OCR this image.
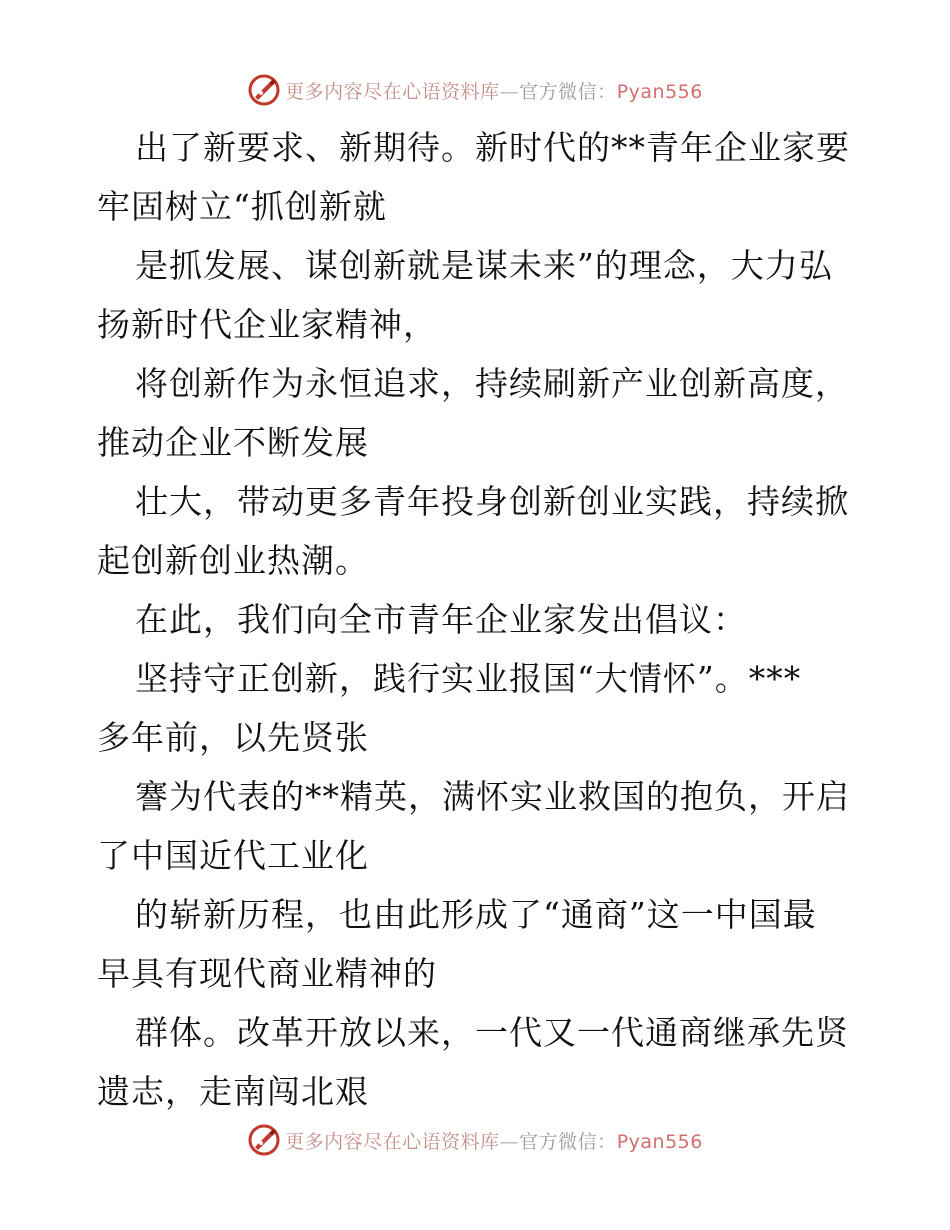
更多内容尽在心语资料库—官方微信：Pyan556
出了新要求、新期待。新时代的**青年企业家要
牢固树立“抓创新就
是抓发展、谋创新就是谋未来”的理念，大力弘
扬新时代企业家精神，
将创新作为永恒追求，持续刷新产业创新高度，
推动企业不断发展
壮大，带动更多青年投身创新创业实践，持续掀
起创新创业热潮。
在此，我们向全市青年企业家发出倡议：
坚持守正创新，践行实业报国“大情怀”。***
多年前，以先贤张
謇为代表的**精英，满怀实业救国的抱负，开启
了中国近代工业化
的崭新历程，也由此形成了“通商”这一中国最
早具有现代商业精神的
群体。改革开放以来，一代又一代通商继承先贤
遗志，走南闯北艰
更多内容尽在心语资料库—官方微信：Pyan556
